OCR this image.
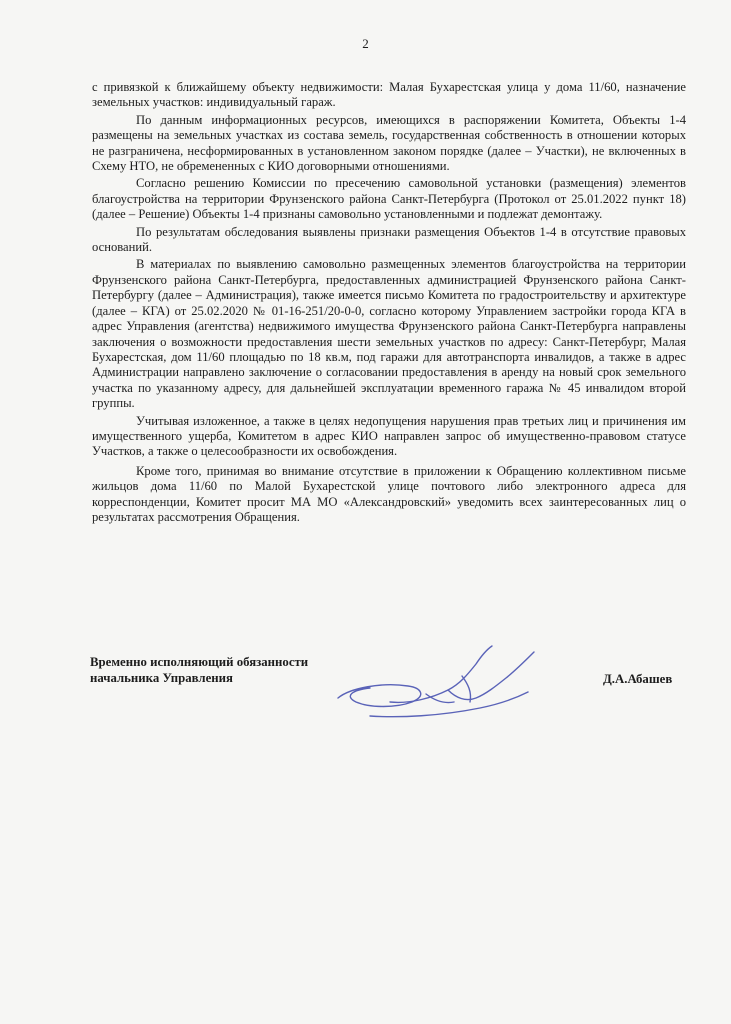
2

с привязкой к ближайшему объекту недвижимости: Малая Бухарестская улица у дома 11/60, назначение земельных участков: индивидуальный гараж.

По данным информационных ресурсов, имеющихся в распоряжении Комитета, Объекты 1-4 размещены на земельных участках из состава земель, государственная собственность в отношении которых не разграничена, несформированных в установленном законом порядке (далее – Участки), не включенных в Схему НТО, не обремененных с КИО договорными отношениями.

Согласно решению Комиссии по пресечению самовольной установки (размещения) элементов благоустройства на территории Фрунзенского района Санкт-Петербурга (Протокол от 25.01.2022 пункт 18) (далее – Решение) Объекты 1-4 признаны самовольно установленными и подлежат демонтажу.

По результатам обследования выявлены признаки размещения Объектов 1-4 в отсутствие правовых оснований.

В материалах по выявлению самовольно размещенных элементов благоустройства на территории Фрунзенского района Санкт-Петербурга, предоставленных администрацией Фрунзенского района Санкт-Петербургу (далее – Администрация), также имеется письмо Комитета по градостроительству и архитектуре (далее – КГА) от 25.02.2020 № 01-16-251/20-0-0, согласно которому Управлением застройки города КГА в адрес Управления (агентства) недвижимого имущества Фрунзенского района Санкт-Петербурга направлены заключения о возможности предоставления шести земельных участков по адресу: Санкт-Петербург, Малая Бухарестская, дом 11/60 площадью по 18 кв.м, под гаражи для автотранспорта инвалидов, а также в адрес Администрации направлено заключение о согласовании предоставления в аренду на новый срок земельного участка по указанному адресу, для дальнейшей эксплуатации временного гаража № 45 инвалидом второй группы.

Учитывая изложенное, а также в целях недопущения нарушения прав третьих лиц и причинения им имущественного ущерба, Комитетом в адрес КИО направлен запрос об имущественно-правовом статусе Участков, а также о целесообразности их освобождения.

Кроме того, принимая во внимание отсутствие в приложении к Обращению коллективном письме жильцов дома 11/60 по Малой Бухарестской улице почтового либо электронного адреса для корреспонденции, Комитет просит МА МО «Александровский» уведомить всех заинтересованных лиц о результатах рассмотрения Обращения.

Временно исполняющий обязанности
начальника Управления	Д.А.Абашев
